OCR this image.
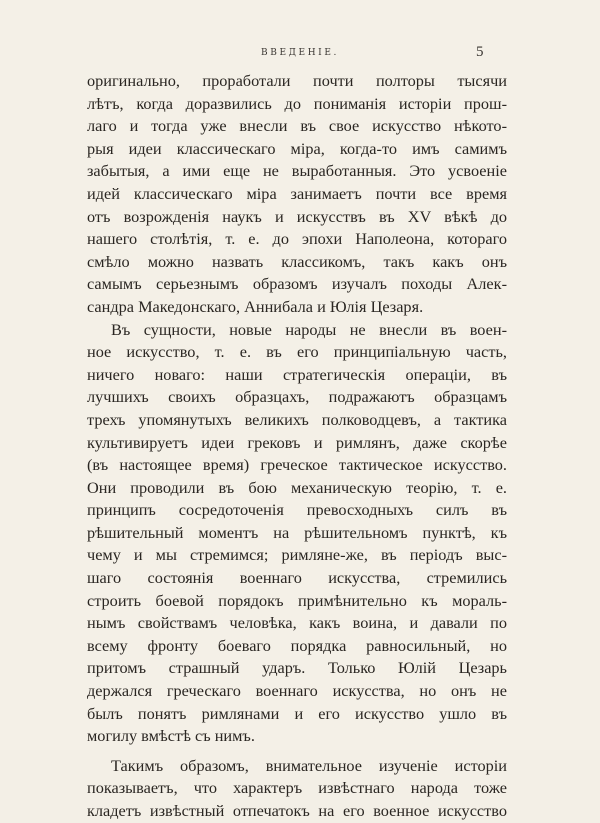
ВВЕДЕНІЕ.	5
оригинально, проработали почти полторы тысячи
лѣтъ, когда доразвились до пониманія исторіи прош-
лаго и тогда уже внесли въ свое искусство нѣкото-
рыя идеи классическаго міра, когда-то имъ самимъ
забытыя, а ими еще не выработанныя. Это усвоеніе
идей классическаго міра занимаетъ почти все время
отъ возрожденія наукъ и искусствъ въ XV вѣкѣ до
нашего столѣтія, т. е. до эпохи Наполеона, котораго
смѣло можно назвать классикомъ, такъ какъ онъ
самымъ серьезнымъ образомъ изучалъ походы Алек-
сандра Македонскаго, Аннибала и Юлія Цезаря.
Въ сущности, новые народы не внесли въ воен-
ное искусство, т. е. въ его принципіальную часть,
ничего новаго: наши стратегическія операціи, въ
лучшихъ своихъ образцахъ, подражаютъ образцамъ
трехъ упомянутыхъ великихъ полководцевъ, а тактика
культивируетъ идеи грековъ и римлянъ, даже скорѣе
(въ настоящее время) греческое тактическое искусство.
Они проводили въ бою механическую теорію, т. е.
принципъ сосредоточенія превосходныхъ силъ въ
рѣшительный моментъ на рѣшительномъ пунктѣ, къ
чему и мы стремимся; римляне-же, въ періодъ выс-
шаго состоянія военнаго искусства, стремились
строить боевой порядокъ примѣнительно къ мораль-
нымъ свойствамъ человѣка, какъ воина, и давали по
всему фронту боеваго порядка равносильный, но
притомъ страшный ударъ. Только Юлій Цезарь
держался греческаго военнаго искусства, но онъ не
былъ понятъ римлянами и его искусство ушло въ
могилу вмѣстѣ съ нимъ.
Такимъ образомъ, внимательное изученіе исторіи
показываетъ, что характеръ извѣстнаго народа тоже
кладетъ извѣстный отпечатокъ на его военное искусство
